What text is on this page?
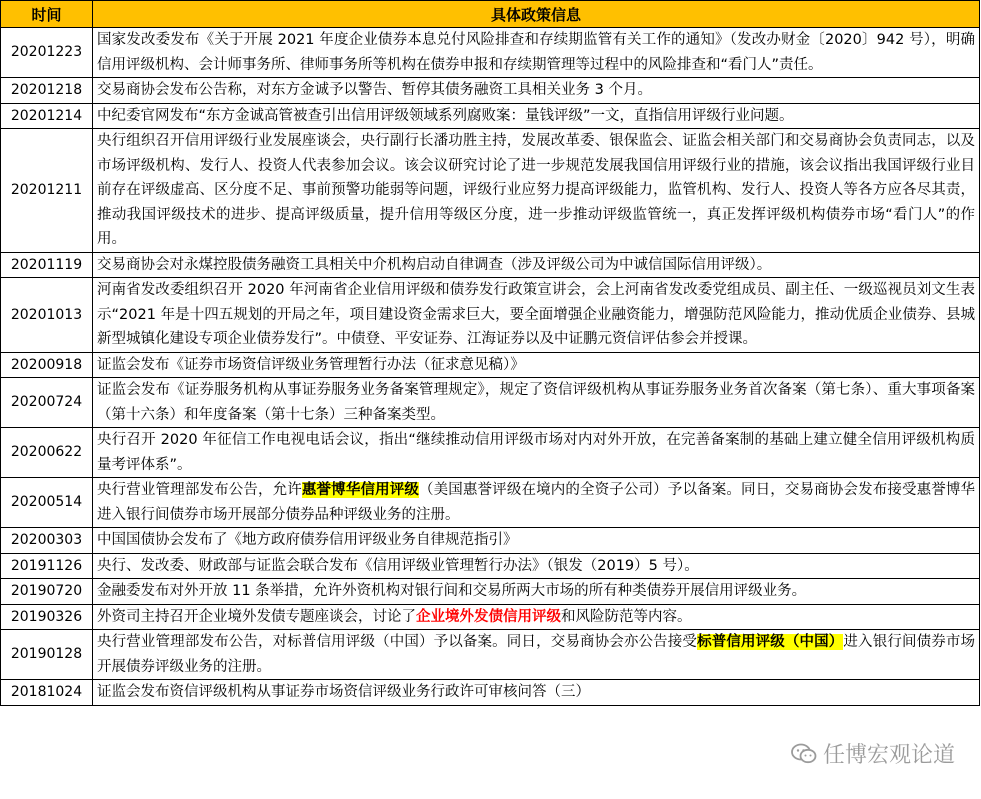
时间	具体政策信息
20201223	国家发改委发布《关于开展 2021 年度企业债券本息兑付风险排查和存续期监管有关工作的通知》（发改办财金〔2020〕942 号），明确信用评级机构、会计师事务所、律师事务所等机构在债券申报和存续期管理等过程中的风险排查和“看门人”责任。
20201218	交易商协会发布公告称，对东方金诚予以警告、暂停其债务融资工具相关业务 3 个月。
20201214	中纪委官网发布“东方金诚高管被查引出信用评级领域系列腐败案：量钱评级”一文，直指信用评级行业问题。
20201211	央行组织召开信用评级行业发展座谈会，央行副行长潘功胜主持，发展改革委、银保监会、证监会相关部门和交易商协会负责同志，以及市场评级机构、发行人、投资人代表参加会议。该会议研究讨论了进一步规范发展我国信用评级行业的措施，该会议指出我国评级行业目前存在评级虚高、区分度不足、事前预警功能弱等问题，评级行业应努力提高评级能力，监管机构、发行人、投资人等各方应各尽其责，推动我国评级技术的进步、提高评级质量，提升信用等级区分度，进一步推动评级监管统一，真正发挥评级机构债券市场“看门人”的作用。
20201119	交易商协会对永煤控股债务融资工具相关中介机构启动自律调查（涉及评级公司为中诚信国际信用评级）。
20201013	河南省发改委组织召开 2020 年河南省企业信用评级和债券发行政策宣讲会，会上河南省发改委党组成员、副主任、一级巡视员刘文生表示“2021 年是十四五规划的开局之年，项目建设资金需求巨大，要全面增强企业融资能力，增强防范风险能力，推动优质企业债券、县城新型城镇化建设专项企业债券发行”。中债登、平安证券、江海证券以及中证鹏元资信评估参会并授课。
20200918	证监会发布《证券市场资信评级业务管理暂行办法（征求意见稿）》
20200724	证监会发布《证券服务机构从事证券服务业务备案管理规定》，规定了资信评级机构从事证券服务业务首次备案（第七条）、重大事项备案（第十六条）和年度备案（第十七条）三种备案类型。
20200622	央行召开 2020 年征信工作电视电话会议，指出“继续推动信用评级市场对内对外开放，在完善备案制的基础上建立健全信用评级机构质量考评体系”。
20200514	央行营业管理部发布公告，允许惠誉博华信用评级（美国惠誉评级在境内的全资子公司）予以备案。同日，交易商协会发布接受惠誉博华进入银行间债券市场开展部分债券品种评级业务的注册。
20200303	中国国债协会发布了《地方政府债券信用评级业务自律规范指引》
20191126	央行、发改委、财政部与证监会联合发布《信用评级业管理暂行办法》（银发（2019）5 号）。
20190720	金融委发布对外开放 11 条举措，允许外资机构对银行间和交易所两大市场的所有种类债券开展信用评级业务。
20190326	外资司主持召开企业境外发债专题座谈会，讨论了企业境外发债信用评级和风险防范等内容。
20190128	央行营业管理部发布公告，对标普信用评级（中国）予以备案。同日，交易商协会亦公告接受标普信用评级（中国）进入银行间债券市场开展债券评级业务的注册。
20181024	证监会发布资信评级机构从事证券市场资信评级业务行政许可审核问答（三）
任博宏观论道
